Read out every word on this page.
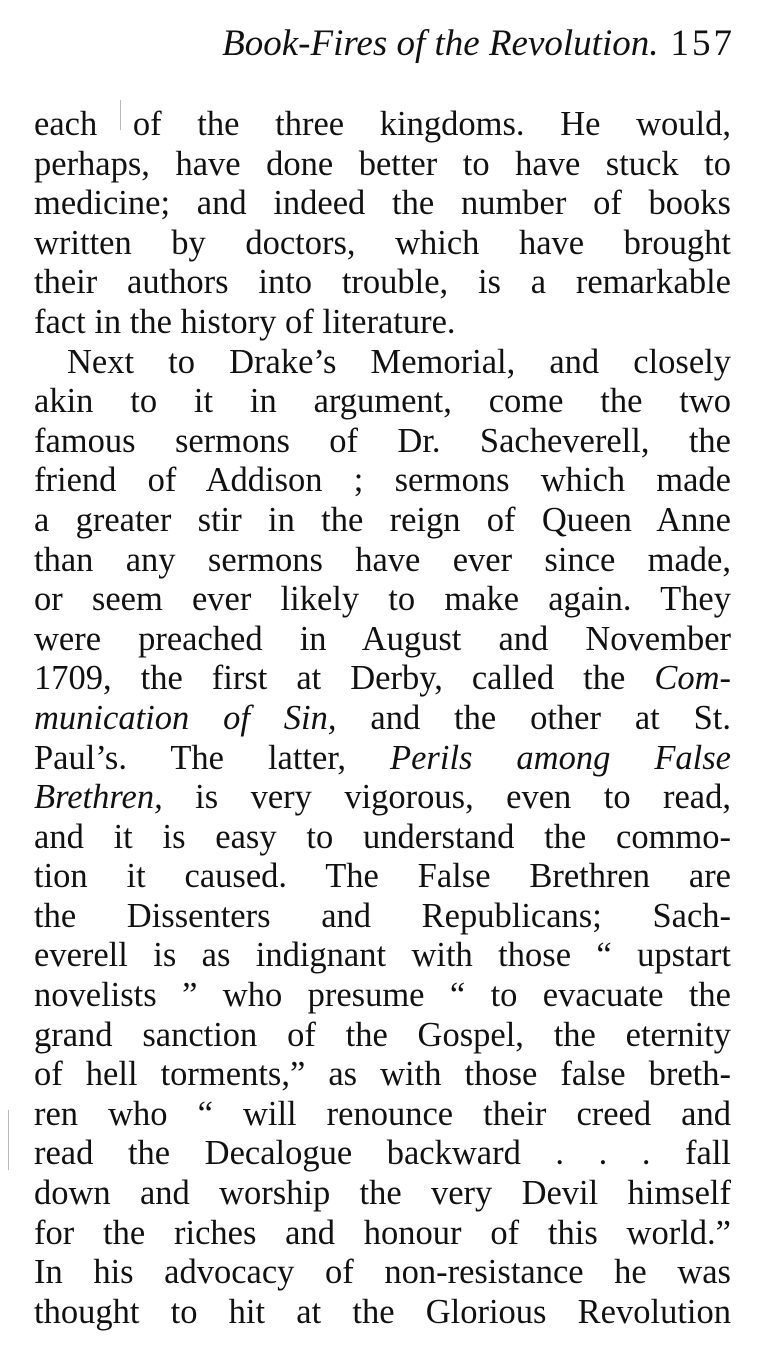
Book-Fires of the Revolution. 157
each of the three kingdoms. He would,
perhaps, have done better to have stuck to
medicine; and indeed the number of books
written by doctors, which have brought
their authors into trouble, is a remarkable
fact in the history of literature.
Next to Drake’s Memorial, and closely
akin to it in argument, come the two
famous sermons of Dr. Sacheverell, the
friend of Addison ; sermons which made
a greater stir in the reign of Queen Anne
than any sermons have ever since made,
or seem ever likely to make again. They
were preached in August and November
1709, the first at Derby, called the Com-
munication of Sin, and the other at St.
Paul’s. The latter, Perils among False
Brethren, is very vigorous, even to read,
and it is easy to understand the commo-
tion it caused. The False Brethren are
the Dissenters and Republicans; Sach-
everell is as indignant with those “ upstart
novelists ” who presume “ to evacuate the
grand sanction of the Gospel, the eternity
of hell torments,” as with those false breth-
ren who “ will renounce their creed and
read the Decalogue backward . . . fall
down and worship the very Devil himself
for the riches and honour of this world.”
In his advocacy of non-resistance he was
thought to hit at the Glorious Revolution
